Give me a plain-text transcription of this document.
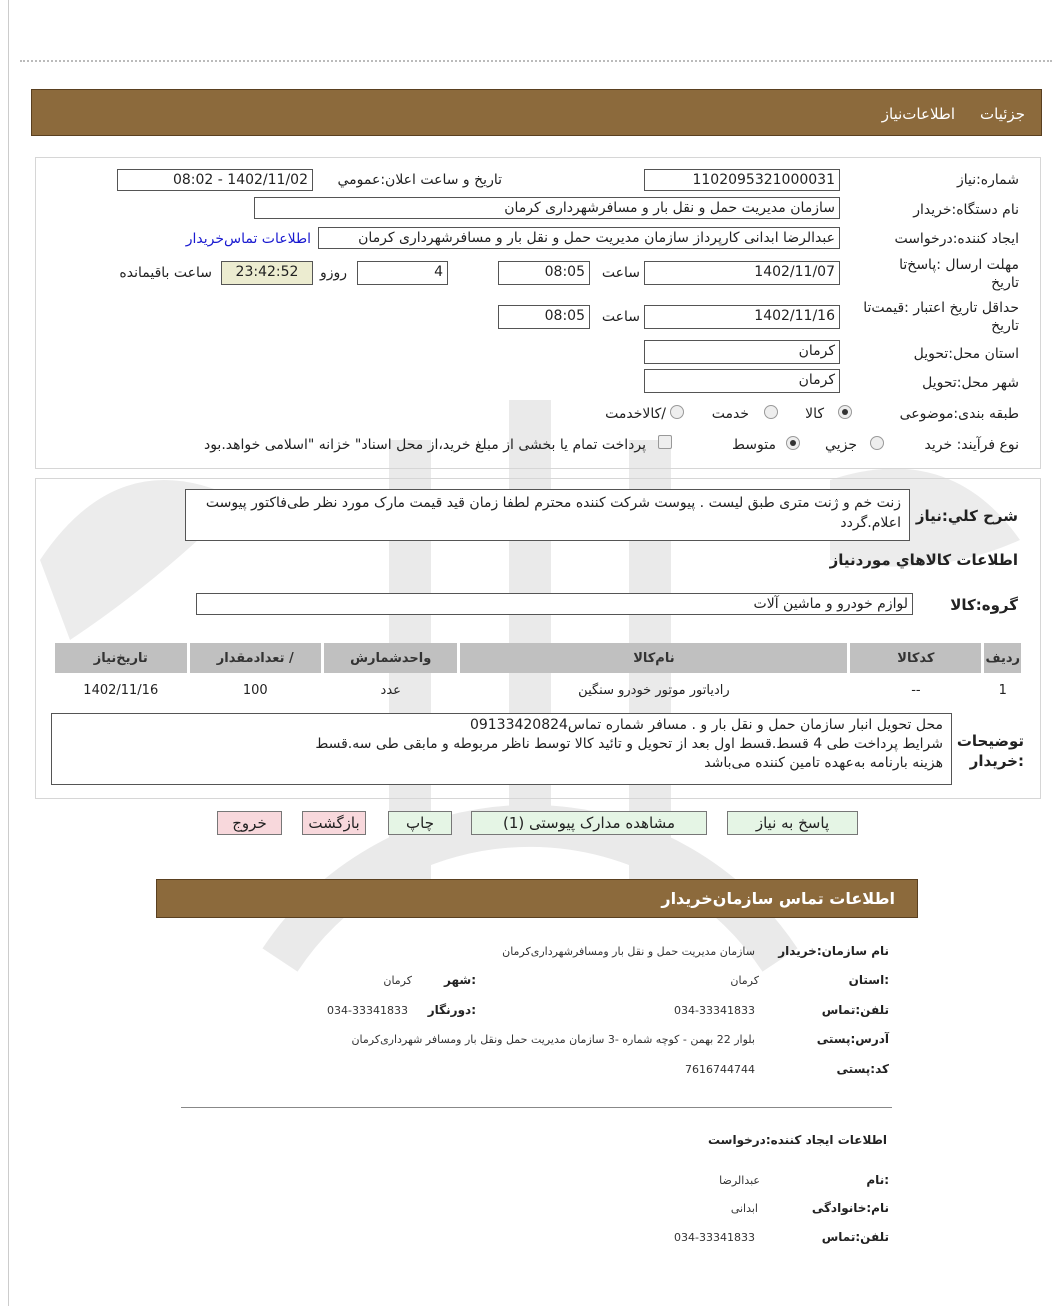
جزئیات
اطلاعات‌نیاز
شماره:نیاز
1102095321000031
تاریخ و ساعت اعلان:عمومي
1402/11/02 - 08:02
نام دستگاه:خریدار
سازمان مدیریت حمل و نقل بار و مسافرشهرداری کرمان
ایجاد کننده:درخواست
عبدالرضا ابدانی کارپرداز سازمان مدیریت حمل و نقل بار و مسافرشهرداری کرمان
اطلاعات تماس‌خریدار
مهلت ارسال :پاسخ‌تا تاریخ
1402/11/07
ساعت
08:05
4
روزو
23:42:52
ساعت باقیمانده
حداقل تاریخ اعتبار :قیمت‌تا تاریخ
1402/11/16
ساعت
08:05
استان محل:تحویل
کرمان
شهر محل:تحویل
کرمان
طبقه بندی:موضوعی
کالا
خدمت
/کالاخدمت
نوع فرآیند: خرید
جزیي
متوسط
پرداخت تمام یا بخشی از مبلغ خرید،از محل اسناد" خزانه "اسلامی خواهد.بود
شرح کلي:نیاز
زنت خم و ژنت متری طبق لیست . پیوست شرکت کننده محترم لطفا زمان قید قیمت مارک مورد نظر طی‌فاکتور پیوست اعلام.گردد
اطلاعات کالاهاي موردنیاز
گروه:کالا
لوازم خودرو و ماشین آلات
ردیف	کدکالا	نام‌کالا	واحدشمارش	/ تعدادمقدار	تاریخ‌نیاز
1	--	رادیاتور موتور خودرو سنگین	عدد	100	1402/11/16
توضیحات :خریدار
محل تحویل انبار سازمان حمل و نقل بار و . مسافر شماره تماس09133420824
شرایط پرداخت طی 4 قسط.قسط اول بعد از تحویل و تائید کالا توسط ناظر مربوطه و مابقی طی سه.قسط
هزینه بارنامه به‌عهده تامین کننده می‌باشد
پاسخ به نیاز
مشاهده مدارک پیوستی (1)
چاپ
بازگشت
خروج
اطلاعات تماس سازمان‌خریدار
نام سازمان:خریدار
سازمان مدیریت حمل و نقل بار ومسافرشهرداری‌کرمان
:استان
کرمان
:شهر
کرمان
تلفن:تماس
034-33341833
:دورنگار
034-33341833
آدرس:پستی
بلوار 22 بهمن - کوچه شماره -3 سازمان مدیریت حمل ونقل بار ومسافر شهرداری‌کرمان
کد:پستی
7616744744
اطلاعات ایجاد کننده:درخواست
:نام
عبدالرضا
نام:خانوادگی
ابدانی
تلفن:تماس
034-33341833
